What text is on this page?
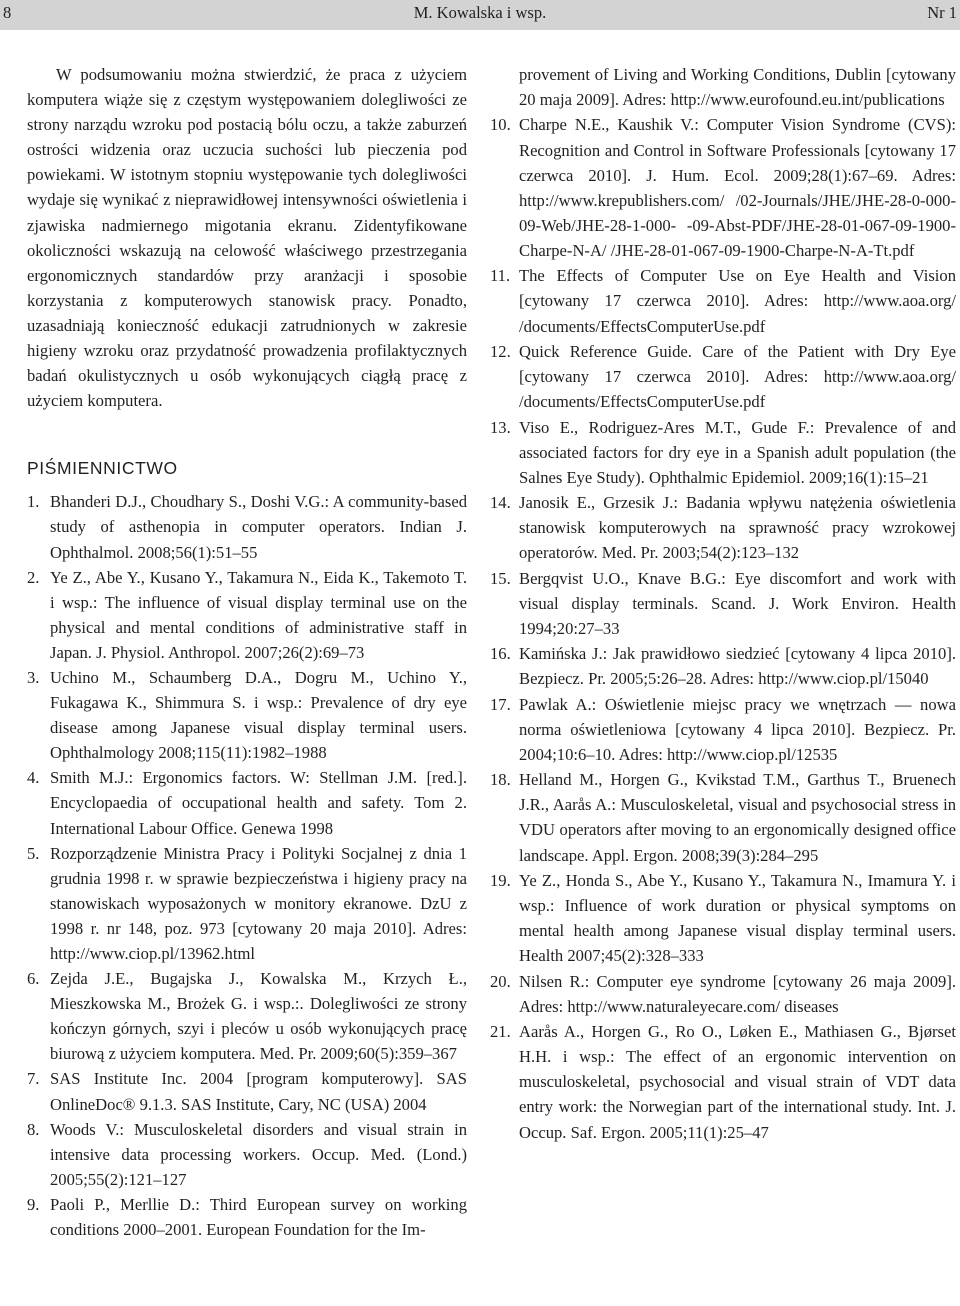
8	M. Kowalska i wsp.	Nr 1

W podsumowaniu można stwierdzić, że praca z użyciem komputera wiąże się z częstym występowaniem dolegliwości ze strony narządu wzroku pod postacią bólu oczu, a także zaburzeń ostrości widzenia oraz uczucia suchości lub pieczenia pod powiekami. W istotnym stopniu występowanie tych dolegliwości wydaje się wynikać z nieprawidłowej intensywności oświetlenia i zjawiska nadmiernego migotania ekranu. Zidentyfikowane okoliczności wskazują na celowość właściwego przestrzegania ergonomicznych standardów przy aranżacji i sposobie korzystania z komputerowych stanowisk pracy. Ponadto, uzasadniają konieczność edukacji zatrudnionych w zakresie higieny wzroku oraz przydatność prowadzenia profilaktycznych badań okulistycznych u osób wykonujących ciągłą pracę z użyciem komputera.

PIŚMIENNICTWO
1. Bhanderi D.J., Choudhary S., Doshi V.G.: A community-based study of asthenopia in computer operators. Indian J. Ophthalmol. 2008;56(1):51–55
2. Ye Z., Abe Y., Kusano Y., Takamura N., Eida K., Takemoto T. i wsp.: The influence of visual display terminal use on the physical and mental conditions of administrative staff in Japan. J. Physiol. Anthropol. 2007;26(2):69–73
3. Uchino M., Schaumberg D.A., Dogru M., Uchino Y., Fukagawa K., Shimmura S. i wsp.: Prevalence of dry eye disease among Japanese visual display terminal users. Ophthalmology 2008;115(11):1982–1988
4. Smith M.J.: Ergonomics factors. W: Stellman J.M. [red.]. Encyclopaedia of occupational health and safety. Tom 2. International Labour Office. Genewa 1998
5. Rozporządzenie Ministra Pracy i Polityki Socjalnej z dnia 1 grudnia 1998 r. w sprawie bezpieczeństwa i higieny pracy na stanowiskach wyposażonych w monitory ekranowe. DzU z 1998 r. nr 148, poz. 973 [cytowany 20 maja 2010]. Adres: http://www.ciop.pl/13962.html
6. Zejda J.E., Bugajska J., Kowalska M., Krzych Ł., Mieszkowska M., Brożek G. i wsp.:. Dolegliwości ze strony kończyn górnych, szyi i pleców u osób wykonujących pracę biurową z użyciem komputera. Med. Pr. 2009;60(5):359–367
7. SAS Institute Inc. 2004 [program komputerowy]. SAS OnlineDoc® 9.1.3. SAS Institute, Cary, NC (USA) 2004
8. Woods V.: Musculoskeletal disorders and visual strain in intensive data processing workers. Occup. Med. (Lond.) 2005;55(2):121–127
9. Paoli P., Merllie D.: Third European survey on working conditions 2000–2001. European Foundation for the Im-
provement of Living and Working Conditions, Dublin [cytowany 20 maja 2009]. Adres: http://www.eurofound.eu.int/publications
10. Charpe N.E., Kaushik V.: Computer Vision Syndrome (CVS): Recognition and Control in Software Professionals [cytowany 17 czerwca 2010]. J. Hum. Ecol. 2009;28(1):67–69. Adres: http://www.krepublishers.com/ /02-Journals/JHE/JHE-28-0-000-09-Web/JHE-28-1-000- -09-Abst-PDF/JHE-28-01-067-09-1900-Charpe-N-A/ /JHE-28-01-067-09-1900-Charpe-N-A-Tt.pdf
11. The Effects of Computer Use on Eye Health and Vision [cytowany 17 czerwca 2010]. Adres: http://www.aoa.org/ /documents/EffectsComputerUse.pdf
12. Quick Reference Guide. Care of the Patient with Dry Eye [cytowany 17 czerwca 2010]. Adres: http://www.aoa.org/ /documents/EffectsComputerUse.pdf
13. Viso E., Rodriguez-Ares M.T., Gude F.: Prevalence of and associated factors for dry eye in a Spanish adult population (the Salnes Eye Study). Ophthalmic Epidemiol. 2009;16(1):15–21
14. Janosik E., Grzesik J.: Badania wpływu natężenia oświetlenia stanowisk komputerowych na sprawność pracy wzrokowej operatorów. Med. Pr. 2003;54(2):123–132
15. Bergqvist U.O., Knave B.G.: Eye discomfort and work with visual display terminals. Scand. J. Work Environ. Health 1994;20:27–33
16. Kamińska J.: Jak prawidłowo siedzieć [cytowany 4 lipca 2010]. Bezpiecz. Pr. 2005;5:26–28. Adres: http://www.ciop.pl/15040
17. Pawlak A.: Oświetlenie miejsc pracy we wnętrzach — nowa norma oświetleniowa [cytowany 4 lipca 2010]. Bezpiecz. Pr. 2004;10:6–10. Adres: http://www.ciop.pl/12535
18. Helland M., Horgen G., Kvikstad T.M., Garthus T., Bruenech J.R., Aarås A.: Musculoskeletal, visual and psychosocial stress in VDU operators after moving to an ergonomically designed office landscape. Appl. Ergon. 2008;39(3):284–295
19. Ye Z., Honda S., Abe Y., Kusano Y., Takamura N., Imamura Y. i wsp.: Influence of work duration or physical symptoms on mental health among Japanese visual display terminal users. Health 2007;45(2):328–333
20. Nilsen R.: Computer eye syndrome [cytowany 26 maja 2009]. Adres: http://www.naturaleyecare.com/ diseases
21. Aarås A., Horgen G., Ro O., Løken E., Mathiasen G., Bjørset H.H. i wsp.: The effect of an ergonomic intervention on musculoskeletal, psychosocial and visual strain of VDT data entry work: the Norwegian part of the international study. Int. J. Occup. Saf. Ergon. 2005;11(1):25–47
